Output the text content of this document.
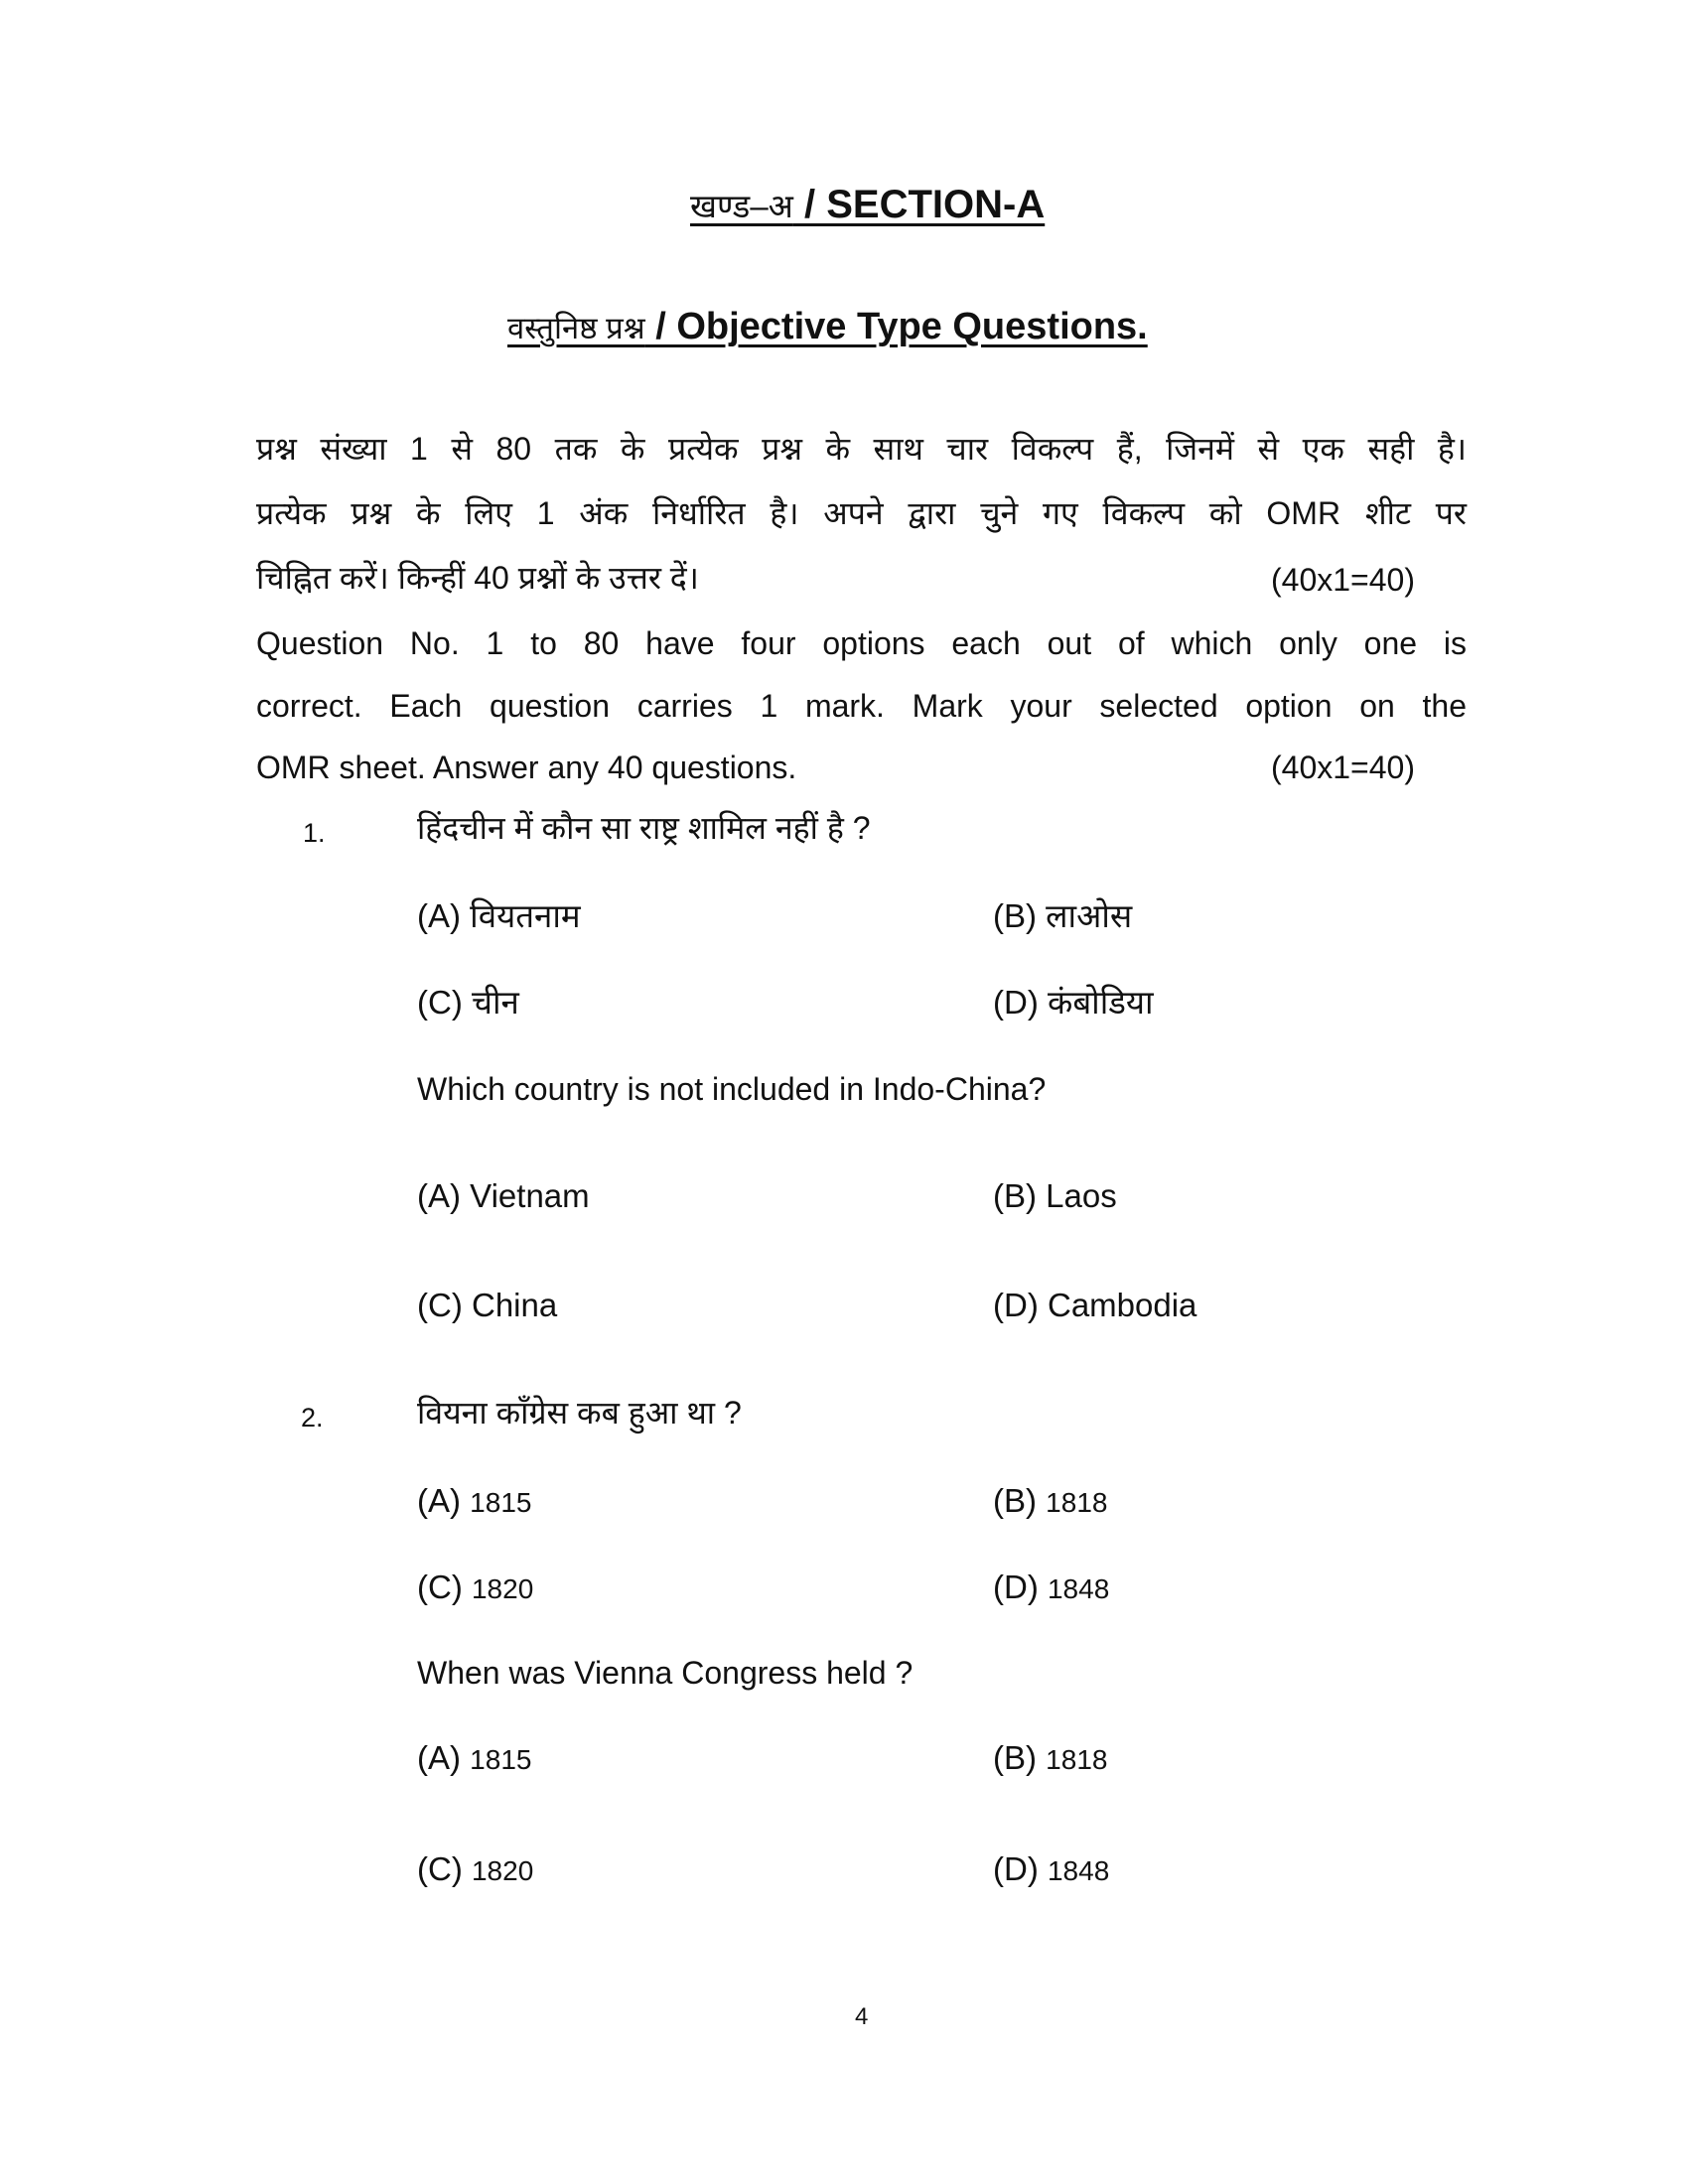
खण्ड–अ / SECTION-A
वस्तुनिष्ठ प्रश्न / Objective Type Questions.
प्रश्न संख्या 1 से 80 तक के प्रत्येक प्रश्न के साथ चार विकल्प हैं, जिनमें से एक सही है।
प्रत्येक प्रश्न के लिए 1 अंक निर्धारित है। अपने द्वारा चुने गए विकल्प को OMR शीट पर
चिह्नित करें। किन्हीं 40 प्रश्नों के उत्तर दें।	(40x1=40)
Question No. 1 to 80 have four options each out of which only one is
correct. Each question carries 1 mark. Mark your selected option on the
OMR sheet. Answer any 40 questions.	(40x1=40)
1.	हिंदचीन में कौन सा राष्ट्र शामिल नहीं है ?
(A) वियतनाम	(B) लाओस
(C) चीन	(D) कंबोडिया
Which country is not included in Indo-China?
(A) Vietnam	(B) Laos
(C) China	(D) Cambodia
2.	वियना काँग्रेस कब हुआ था ?
(A) 1815	(B) 1818
(C) 1820	(D) 1848
When was Vienna Congress held ?
(A) 1815	(B) 1818
(C) 1820	(D) 1848
4
